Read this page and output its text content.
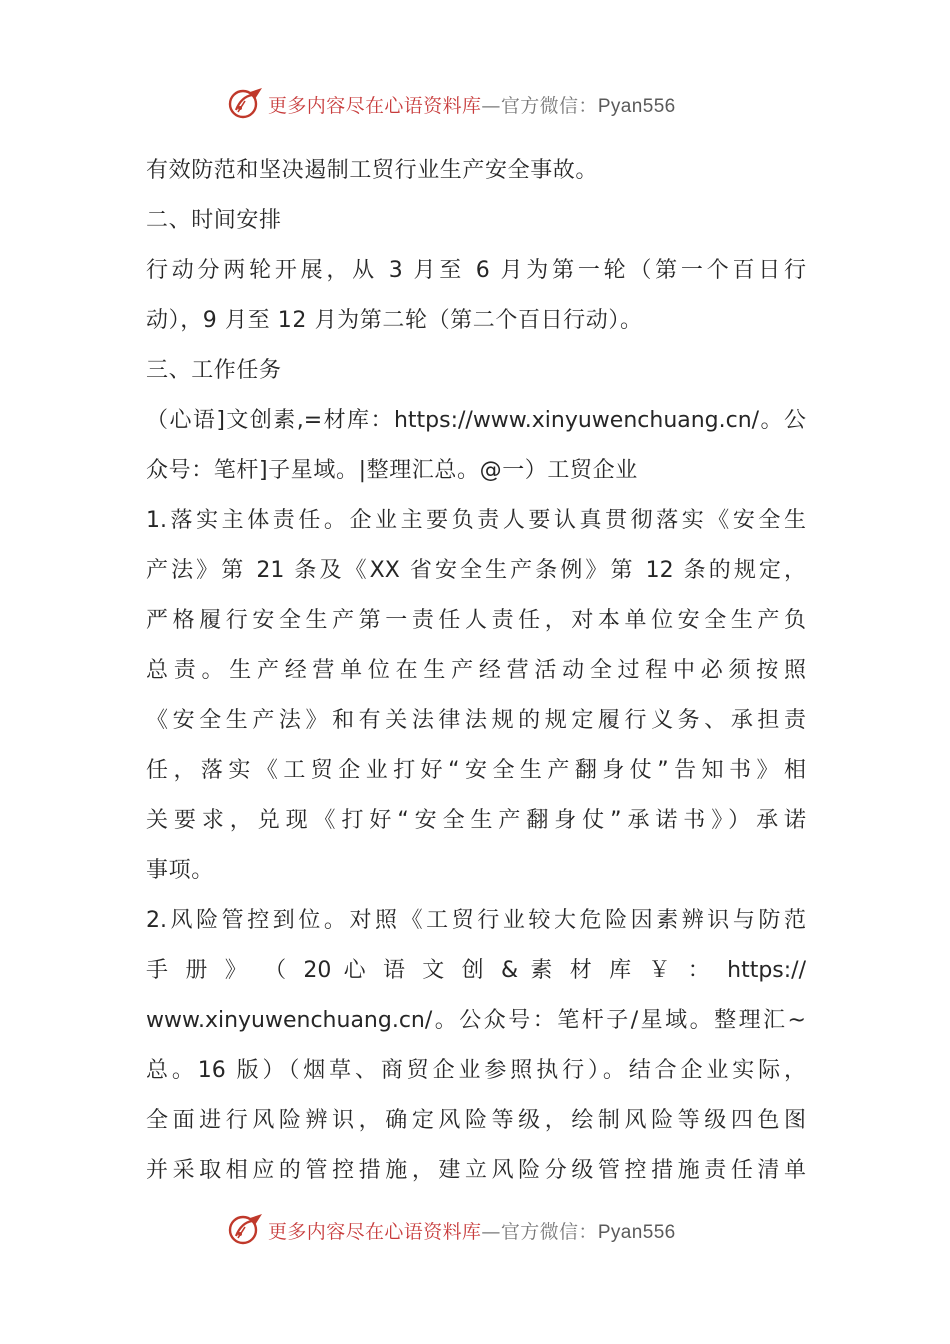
更多内容尽在心语资料库—官方微信：Pyan556
有效防范和坚决遏制工贸行业生产安全事故。
二、时间安排
行动分两轮开展，从 3 月至 6 月为第一轮（第一个百日行
动），9 月至 12 月为第二轮（第二个百日行动）。
三、工作任务
（心语]文创素,=材库：https://www.xinyuwenchuang.cn/。公
众号：笔杆]子星域。|整理汇总。@一）工贸企业
1.落实主体责任。企业主要负责人要认真贯彻落实《安全生
产法》第 21 条及《XX 省安全生产条例》第 12 条的规定，
严格履行安全生产第一责任人责任，对本单位安全生产负
总责。生产经营单位在生产经营活动全过程中必须按照
《安全生产法》和有关法律法规的规定履行义务、承担责
任，落实《工贸企业打好“安全生产翻身仗”告知书》相
关要求，兑现《打好“安全生产翻身仗”承诺书》）承诺
事项。
2.风险管控到位。对照《工贸行业较大危险因素辨识与防范
手 册 》 （ 20 心 语 文 创 & 素 材 库 ￥ ： https://
www.xinyuwenchuang.cn/。公众号：笔杆子/星域。整理汇~
总。16 版）（烟草、商贸企业参照执行）。结合企业实际，
全面进行风险辨识，确定风险等级，绘制风险等级四色图
并采取相应的管控措施，建立风险分级管控措施责任清单
更多内容尽在心语资料库—官方微信：Pyan556
